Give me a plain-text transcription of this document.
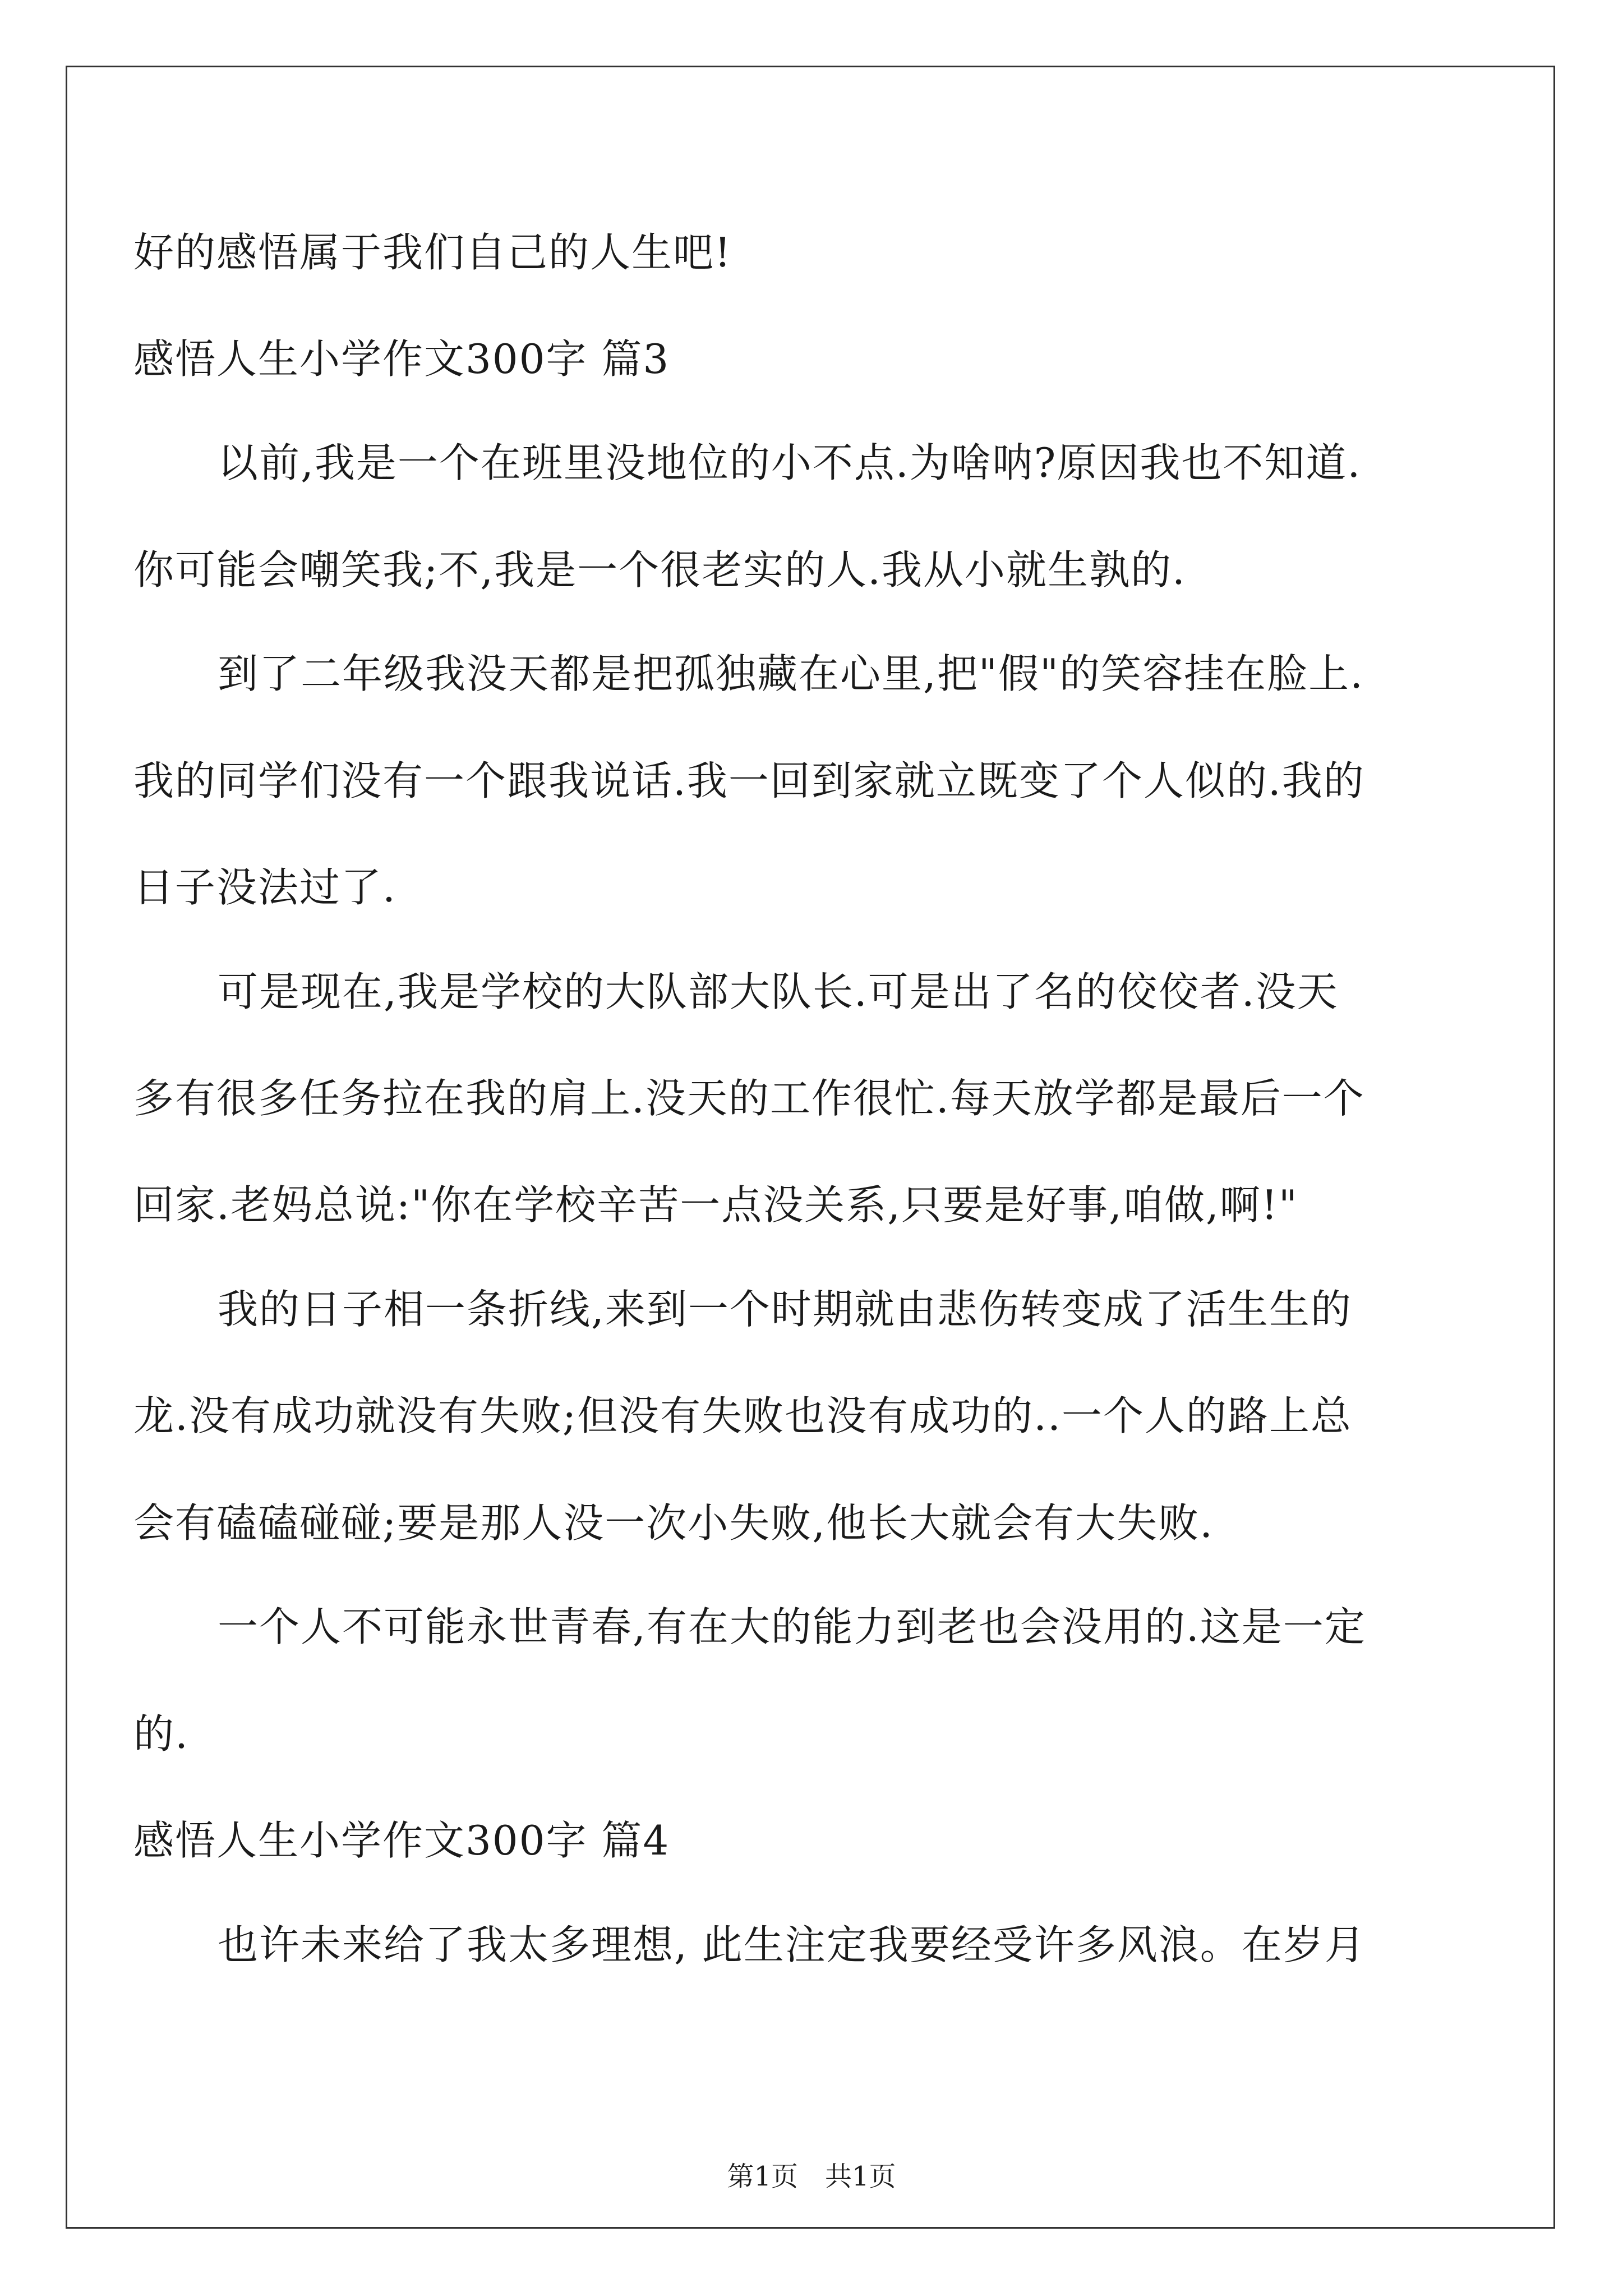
好的感悟属于我们自己的人生吧!
感悟人生小学作文300字 篇3
以前,我是一个在班里没地位的小不点.为啥呐?原因我也不知道.
你可能会嘲笑我;不,我是一个很老实的人.我从小就生孰的.
到了二年级我没天都是把孤独藏在心里,把"假"的笑容挂在脸上.
我的同学们没有一个跟我说话.我一回到家就立既变了个人似的.我的
日子没法过了.
可是现在,我是学校的大队部大队长.可是出了名的佼佼者.没天
多有很多任务拉在我的肩上.没天的工作很忙.每天放学都是最后一个
回家.老妈总说:"你在学校辛苦一点没关系,只要是好事,咱做,啊!"
我的日子相一条折线,来到一个时期就由悲伤转变成了活生生的
龙.没有成功就没有失败;但没有失败也没有成功的..一个人的路上总
会有磕磕碰碰;要是那人没一次小失败,他长大就会有大失败.
一个人不可能永世青春,有在大的能力到老也会没用的.这是一定
的.
感悟人生小学作文300字 篇4
也许未来给了我太多理想, 此生注定我要经受许多风浪。在岁月
第1页　共1页
